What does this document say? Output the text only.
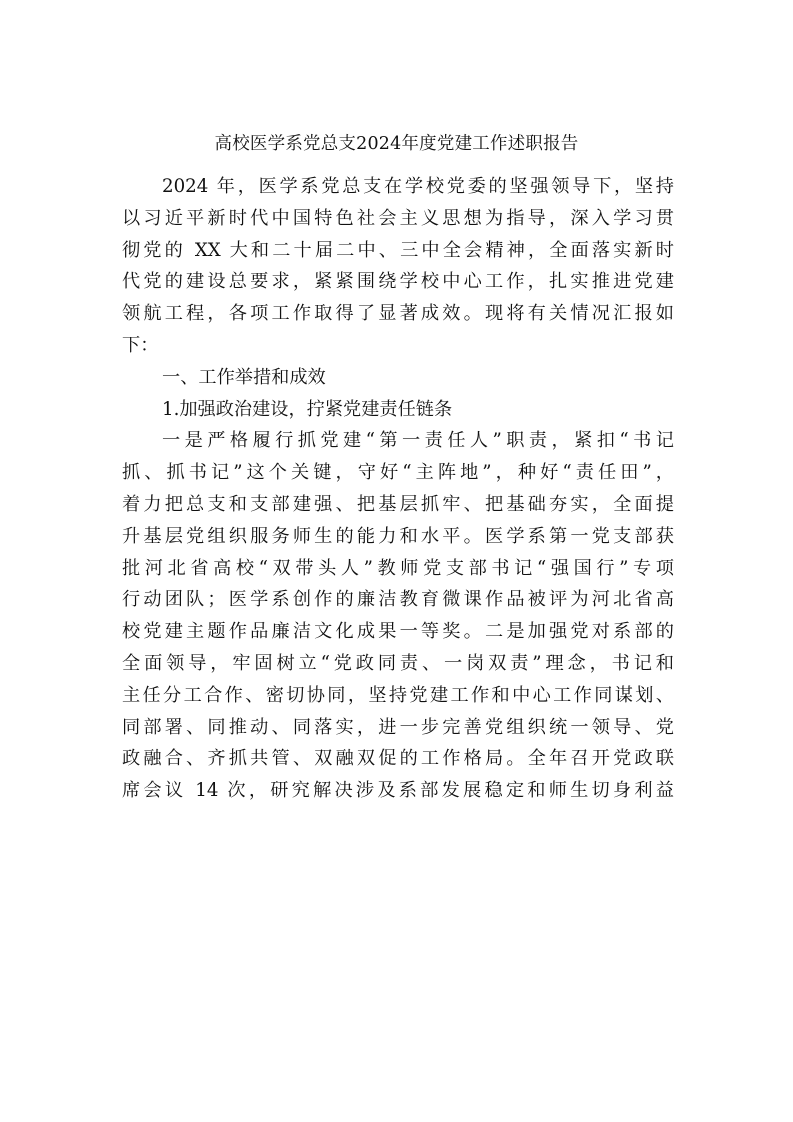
高校医学系党总支2024年度党建工作述职报告
2024 年，医学系党总支在学校党委的坚强领导下，坚持
以习近平新时代中国特色社会主义思想为指导，深入学习贯
彻党的 XX 大和二十届二中、三中全会精神，全面落实新时
代党的建设总要求，紧紧围绕学校中心工作，扎实推进党建
领航工程，各项工作取得了显著成效。现将有关情况汇报如
下：
一、工作举措和成效
1.加强政治建设，拧紧党建责任链条
一是严格履行抓党建“第一责任人”职责，紧扣“书记
抓、抓书记”这个关键，守好“主阵地”，种好“责任田”，
着力把总支和支部建强、把基层抓牢、把基础夯实，全面提
升基层党组织服务师生的能力和水平。医学系第一党支部获
批河北省高校“双带头人”教师党支部书记“强国行”专项
行动团队；医学系创作的廉洁教育微课作品被评为河北省高
校党建主题作品廉洁文化成果一等奖。二是加强党对系部的
全面领导，牢固树立“党政同责、一岗双责”理念，书记和
主任分工合作、密切协同，坚持党建工作和中心工作同谋划、
同部署、同推动、同落实，进一步完善党组织统一领导、党
政融合、齐抓共管、双融双促的工作格局。全年召开党政联
席会议 14 次，研究解决涉及系部发展稳定和师生切身利益
